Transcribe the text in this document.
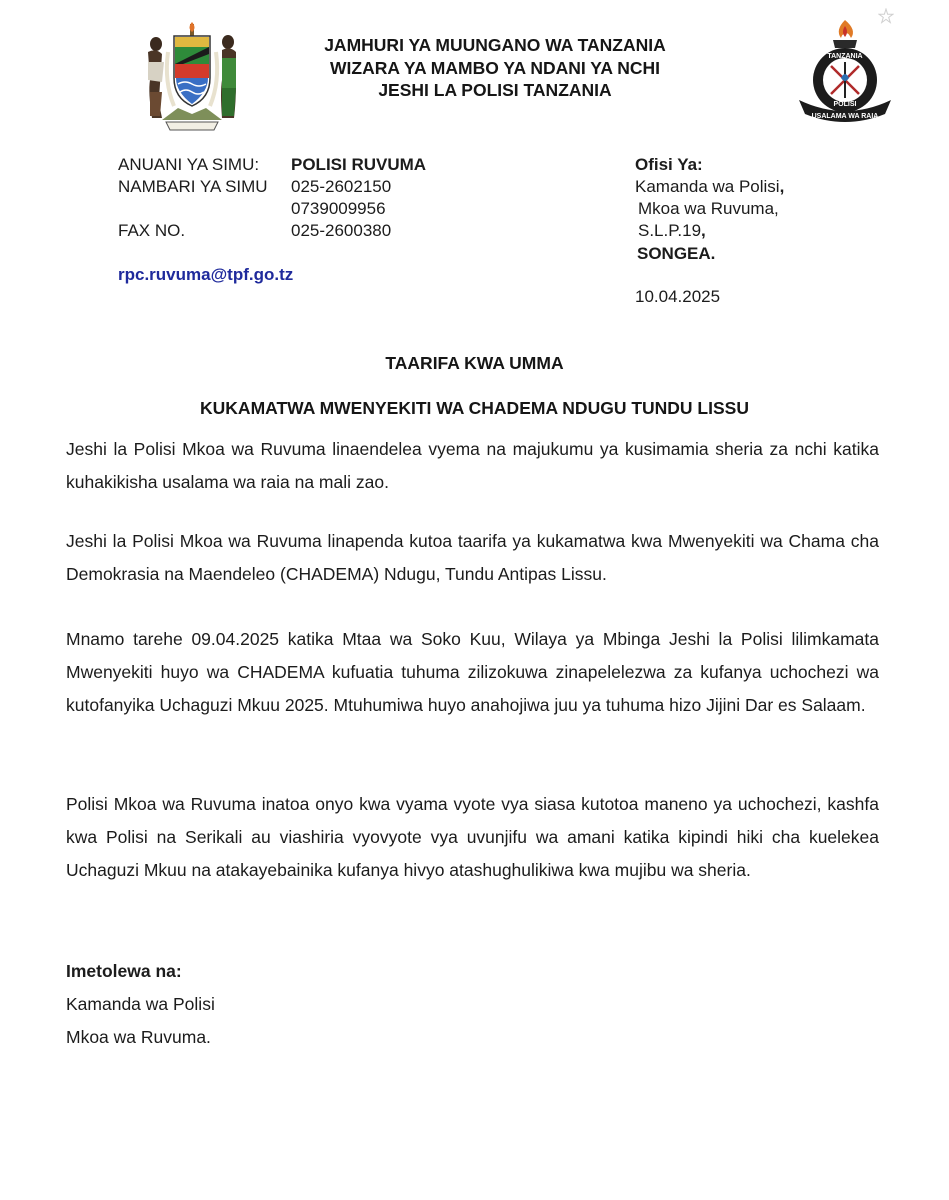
JAMHURI YA MUUNGANO WA TANZANIA
WIZARA YA MAMBO YA NDANI YA NCHI
JESHI LA POLISI TANZANIA
TANZANIA
POLISI
USALAMA WA RAIA
ANUANI YA SIMU: POLISI RUVUMA
NAMBARI YA SIMU 025-2602150
0739009956
FAX NO.	025-2600380
rpc.ruvuma@tpf.go.tz
Ofisi Ya:
Kamanda wa Polisi,
Mkoa wa Ruvuma,
S.L.P.19,
SONGEA.
10.04.2025
TAARIFA KWA UMMA
KUKAMATWA MWENYEKITI WA CHADEMA NDUGU TUNDU LISSU
Jeshi la Polisi Mkoa wa Ruvuma linaendelea vyema na majukumu ya kusimamia sheria za nchi katika kuhakikisha usalama wa raia na mali zao.
Jeshi la Polisi Mkoa wa Ruvuma linapenda kutoa taarifa ya kukamatwa kwa Mwenyekiti wa Chama cha Demokrasia na Maendeleo (CHADEMA) Ndugu, Tundu Antipas Lissu.
Mnamo tarehe 09.04.2025 katika Mtaa wa Soko Kuu, Wilaya ya Mbinga Jeshi la Polisi lilimkamata Mwenyekiti huyo wa CHADEMA kufuatia tuhuma zilizokuwa zinapelelezwa za kufanya uchochezi wa kutofanyika Uchaguzi Mkuu 2025. Mtuhumiwa huyo anahojiwa juu ya tuhuma hizo Jijini Dar es Salaam.
Polisi Mkoa wa Ruvuma inatoa onyo kwa vyama vyote vya siasa kutotoa maneno ya uchochezi, kashfa kwa Polisi na Serikali au viashiria vyovyote vya uvunjifu wa amani katika kipindi hiki cha kuelekea Uchaguzi Mkuu na atakayebainika kufanya hivyo atashughulikiwa kwa mujibu wa sheria.
Imetolewa na:
Kamanda wa Polisi
Mkoa wa Ruvuma.
